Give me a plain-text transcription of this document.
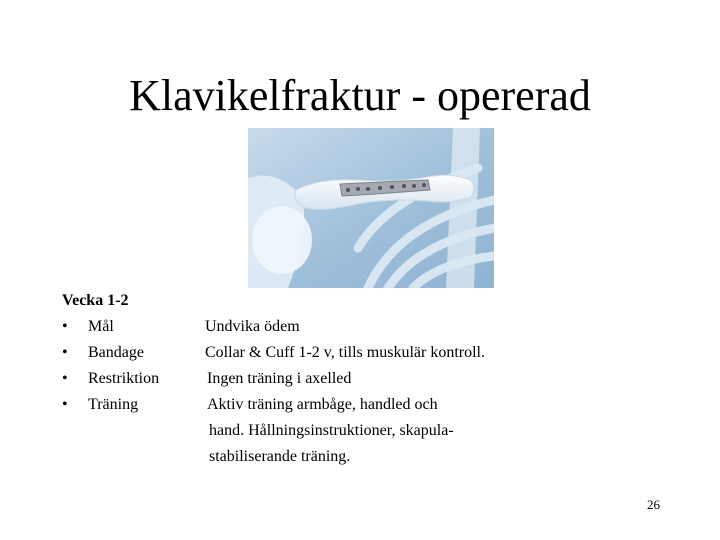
Klavikelfraktur - opererad
Vecka 1-2
• Mål
• Bandage
• Restriktion
• Träning
Undvika ödem
Collar & Cuff 1-2 v, tills muskulär kontroll.
Ingen träning i axelled
Aktiv träning armbåge, handled och
hand. Hållningsinstruktioner, skapula-
stabiliserande träning.
26
